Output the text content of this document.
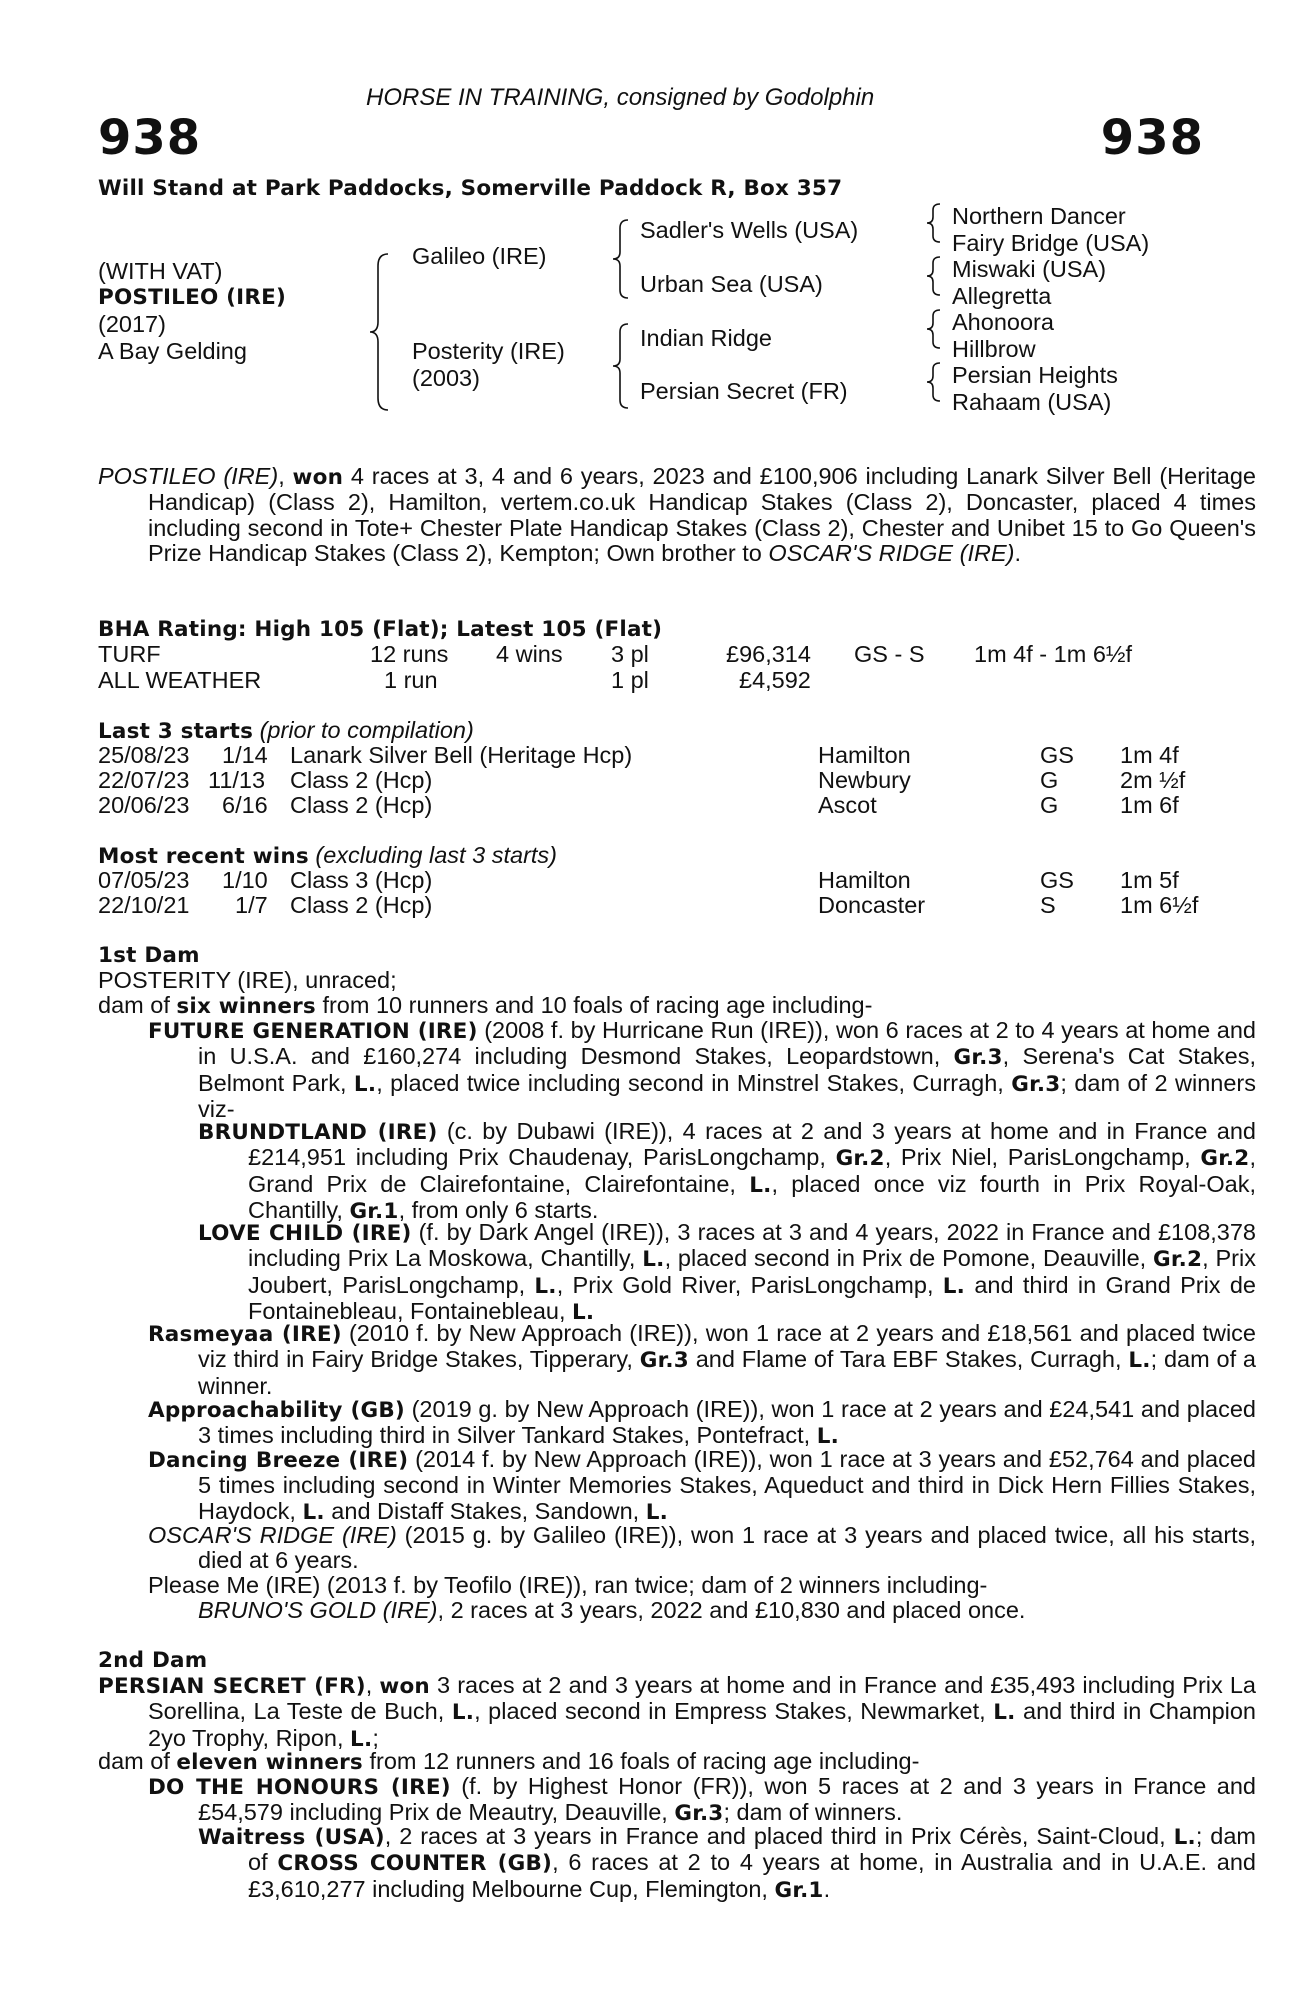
HORSE IN TRAINING, consigned by Godolphin
938	938
Will Stand at Park Paddocks, Somerville Paddock R, Box 357
(WITH VAT)
POSTILEO (IRE)
(2017)
A Bay Gelding
Galileo (IRE)
Posterity (IRE)
(2003)
Sadler's Wells (USA)
Urban Sea (USA)
Indian Ridge
Persian Secret (FR)
Northern Dancer
Fairy Bridge (USA)
Miswaki (USA)
Allegretta
Ahonoora
Hillbrow
Persian Heights
Rahaam (USA)
POSTILEO (IRE), won 4 races at 3, 4 and 6 years, 2023 and £100,906 including Lanark Silver Bell (Heritage Handicap) (Class 2), Hamilton, vertem.co.uk Handicap Stakes (Class 2), Doncaster, placed 4 times including second in Tote+ Chester Plate Handicap Stakes (Class 2), Chester and Unibet 15 to Go Queen's Prize Handicap Stakes (Class 2), Kempton; Own brother to OSCAR'S RIDGE (IRE).
BHA Rating: High 105 (Flat); Latest 105 (Flat)
TURF	12 runs 4 wins 3 pl	£96,314 GS - S 1m 4f - 1m 6½f
ALL WEATHER	1 run	1 pl	£4,592
Last 3 starts (prior to compilation)
25/08/23 1/14 Lanark Silver Bell (Heritage Hcp)	Hamilton	GS 1m 4f
22/07/23 11/13 Class 2 (Hcp)	Newbury	G	2m ½f
20/06/23 6/16 Class 2 (Hcp)	Ascot	G	1m 6f
Most recent wins (excluding last 3 starts)
07/05/23 1/10 Class 3 (Hcp)	Hamilton	GS 1m 5f
22/10/21 1/7 Class 2 (Hcp)	Doncaster	S	1m 6½f
1st Dam
POSTERITY (IRE), unraced;
dam of six winners from 10 runners and 10 foals of racing age including-
FUTURE GENERATION (IRE) (2008 f. by Hurricane Run (IRE)), won 6 races at 2 to 4 years at home and in U.S.A. and £160,274 including Desmond Stakes, Leopardstown, Gr.3, Serena's Cat Stakes, Belmont Park, L., placed twice including second in Minstrel Stakes, Curragh, Gr.3; dam of 2 winners viz-
BRUNDTLAND (IRE) (c. by Dubawi (IRE)), 4 races at 2 and 3 years at home and in France and £214,951 including Prix Chaudenay, ParisLongchamp, Gr.2, Prix Niel, ParisLongchamp, Gr.2, Grand Prix de Clairefontaine, Clairefontaine, L., placed once viz fourth in Prix Royal-Oak, Chantilly, Gr.1, from only 6 starts.
LOVE CHILD (IRE) (f. by Dark Angel (IRE)), 3 races at 3 and 4 years, 2022 in France and £108,378 including Prix La Moskowa, Chantilly, L., placed second in Prix de Pomone, Deauville, Gr.2, Prix Joubert, ParisLongchamp, L., Prix Gold River, ParisLongchamp, L. and third in Grand Prix de Fontainebleau, Fontainebleau, L.
Rasmeyaa (IRE) (2010 f. by New Approach (IRE)), won 1 race at 2 years and £18,561 and placed twice viz third in Fairy Bridge Stakes, Tipperary, Gr.3 and Flame of Tara EBF Stakes, Curragh, L.; dam of a winner.
Approachability (GB) (2019 g. by New Approach (IRE)), won 1 race at 2 years and £24,541 and placed 3 times including third in Silver Tankard Stakes, Pontefract, L.
Dancing Breeze (IRE) (2014 f. by New Approach (IRE)), won 1 race at 3 years and £52,764 and placed 5 times including second in Winter Memories Stakes, Aqueduct and third in Dick Hern Fillies Stakes, Haydock, L. and Distaff Stakes, Sandown, L.
OSCAR'S RIDGE (IRE) (2015 g. by Galileo (IRE)), won 1 race at 3 years and placed twice, all his starts, died at 6 years.
Please Me (IRE) (2013 f. by Teofilo (IRE)), ran twice; dam of 2 winners including-
BRUNO'S GOLD (IRE), 2 races at 3 years, 2022 and £10,830 and placed once.
2nd Dam
PERSIAN SECRET (FR), won 3 races at 2 and 3 years at home and in France and £35,493 including Prix La Sorellina, La Teste de Buch, L., placed second in Empress Stakes, Newmarket, L. and third in Champion 2yo Trophy, Ripon, L.;
dam of eleven winners from 12 runners and 16 foals of racing age including-
DO THE HONOURS (IRE) (f. by Highest Honor (FR)), won 5 races at 2 and 3 years in France and £54,579 including Prix de Meautry, Deauville, Gr.3; dam of winners.
Waitress (USA), 2 races at 3 years in France and placed third in Prix Cérès, Saint-Cloud, L.; dam of CROSS COUNTER (GB), 6 races at 2 to 4 years at home, in Australia and in U.A.E. and £3,610,277 including Melbourne Cup, Flemington, Gr.1.
